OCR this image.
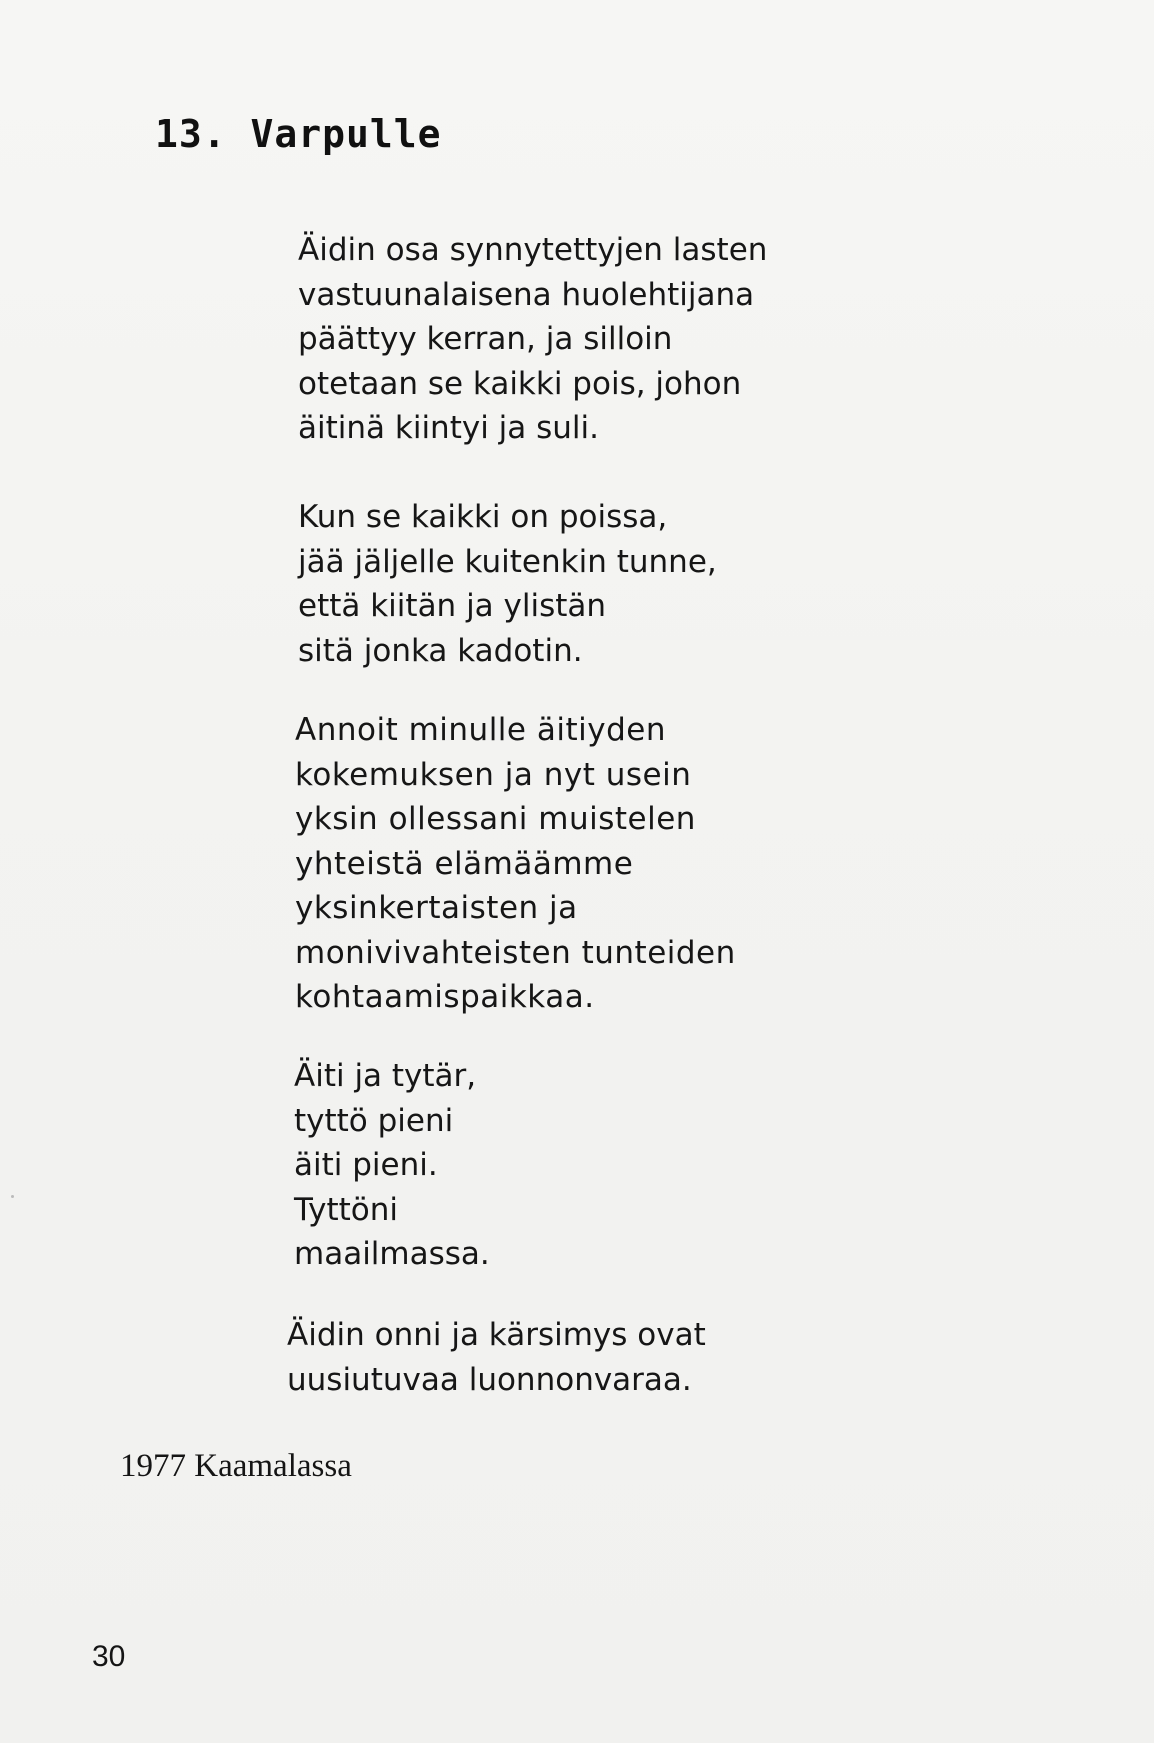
13. Varpulle

Äidin osa synnytettyjen lasten
vastuunalaisena huolehtijana
päättyy kerran, ja silloin
otetaan se kaikki pois, johon
äitinä kiintyi ja suli.

Kun se kaikki on poissa,
jää jäljelle kuitenkin tunne,
että kiitän ja ylistän
sitä jonka kadotin.

Annoit minulle äitiyden
kokemuksen ja nyt usein
yksin ollessani muistelen
yhteistä elämäämme
yksinkertaisten ja
monivivahteisten tunteiden
kohtaamispaikkaa.

Äiti ja tytär,
tyttö pieni
äiti pieni.
Tyttöni
maailmassa.

Äidin onni ja kärsimys ovat
uusiutuvaa luonnonvaraa.

1977 Kaamalassa

30
